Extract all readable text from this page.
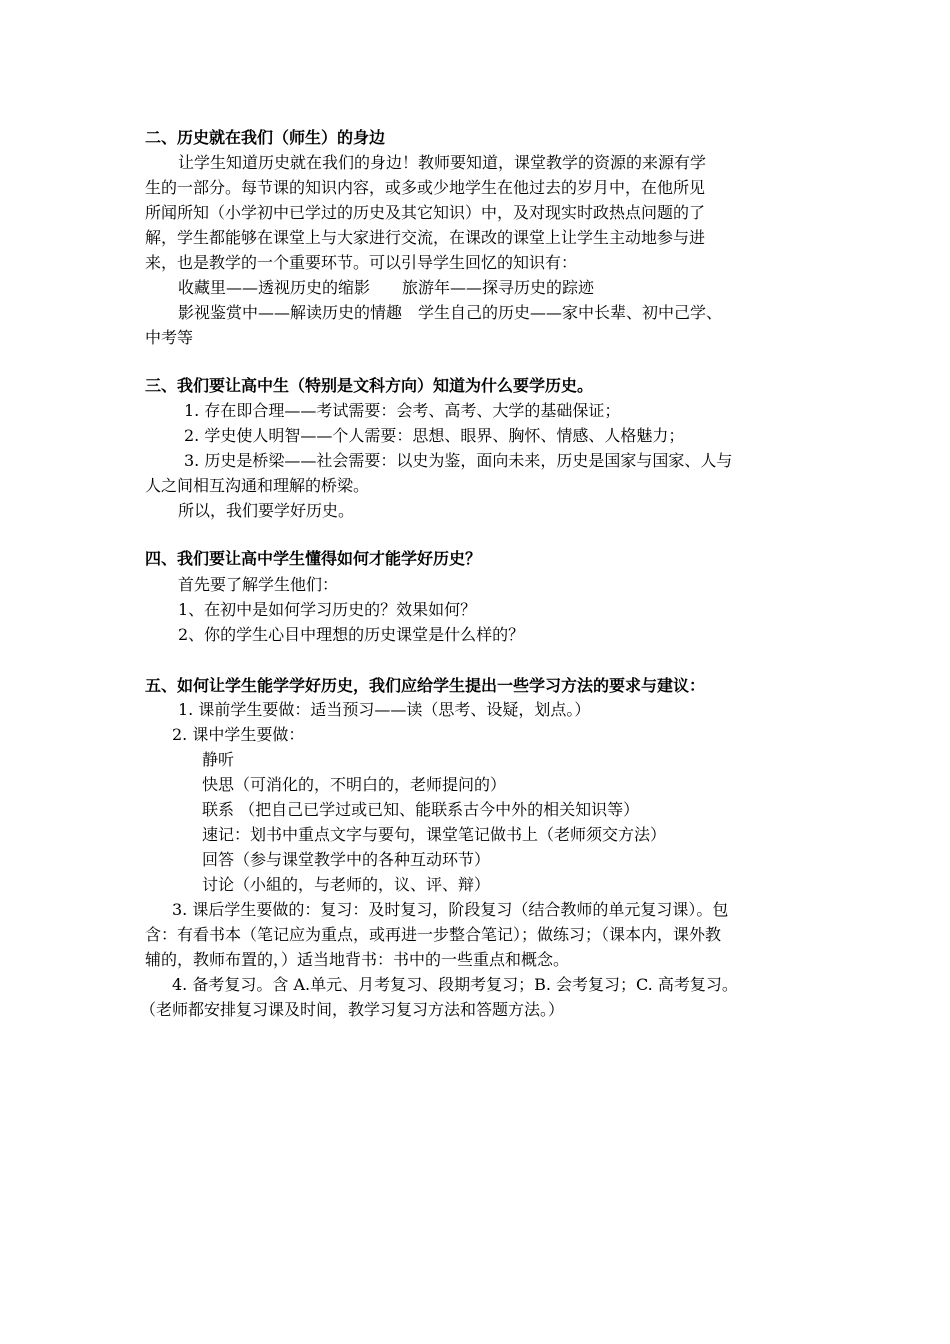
二、历史就在我们（师生）的身边
让学生知道历史就在我们的身边！教师要知道，课堂教学的资源的来源有学
生的一部分。每节课的知识内容，或多或少地学生在他过去的岁月中，在他所见
所闻所知（小学初中已学过的历史及其它知识）中，及对现实时政热点问题的了
解，学生都能够在课堂上与大家进行交流，在课改的课堂上让学生主动地参与进
来，也是教学的一个重要环节。可以引导学生回忆的知识有：
收藏里——透视历史的缩影　　旅游年——探寻历史的踪迹
影视鉴赏中——解读历史的情趣　学生自己的历史——家中长辈、初中己学、
中考等
三、我们要让高中生（特别是文科方向）知道为什么要学历史。
1. 存在即合理——考试需要：会考、高考、大学的基础保证；
2. 学史使人明智——个人需要：思想、眼界、胸怀、情感、人格魅力；
3. 历史是桥梁——社会需要：以史为鉴，面向未来，历史是国家与国家、人与
人之间相互沟通和理解的桥梁。
所以，我们要学好历史。
四、我们要让高中学生懂得如何才能学好历史？
首先要了解学生他们：
1、在初中是如何学习历史的？效果如何？
2、你的学生心目中理想的历史课堂是什么样的？
五、如何让学生能学学好历史，我们应给学生提出一些学习方法的要求与建议：
1. 课前学生要做：适当预习——读（思考、设疑，划点。）
2. 课中学生要做：
静听
快思（可消化的，不明白的，老师提问的）
联系 （把自己已学过或已知、能联系古今中外的相关知识等）
速记：划书中重点文字与要句，课堂笔记做书上（老师须交方法）
回答（参与课堂教学中的各种互动环节）
讨论（小組的，与老师的，议、评、辩）
3. 课后学生要做的：复习：及时复习，阶段复习（结合教师的单元复习课）。包
含：有看书本（笔记应为重点，或再进一步整合笔记）；做练习；（课本内，课外教
辅的，教师布置的，）适当地背书：书中的一些重点和概念。
4. 备考复习。含 A.单元、月考复习、段期考复习；B. 会考复习；C. 高考复习。
（老师都安排复习课及时间，教学习复习方法和答题方法。）
